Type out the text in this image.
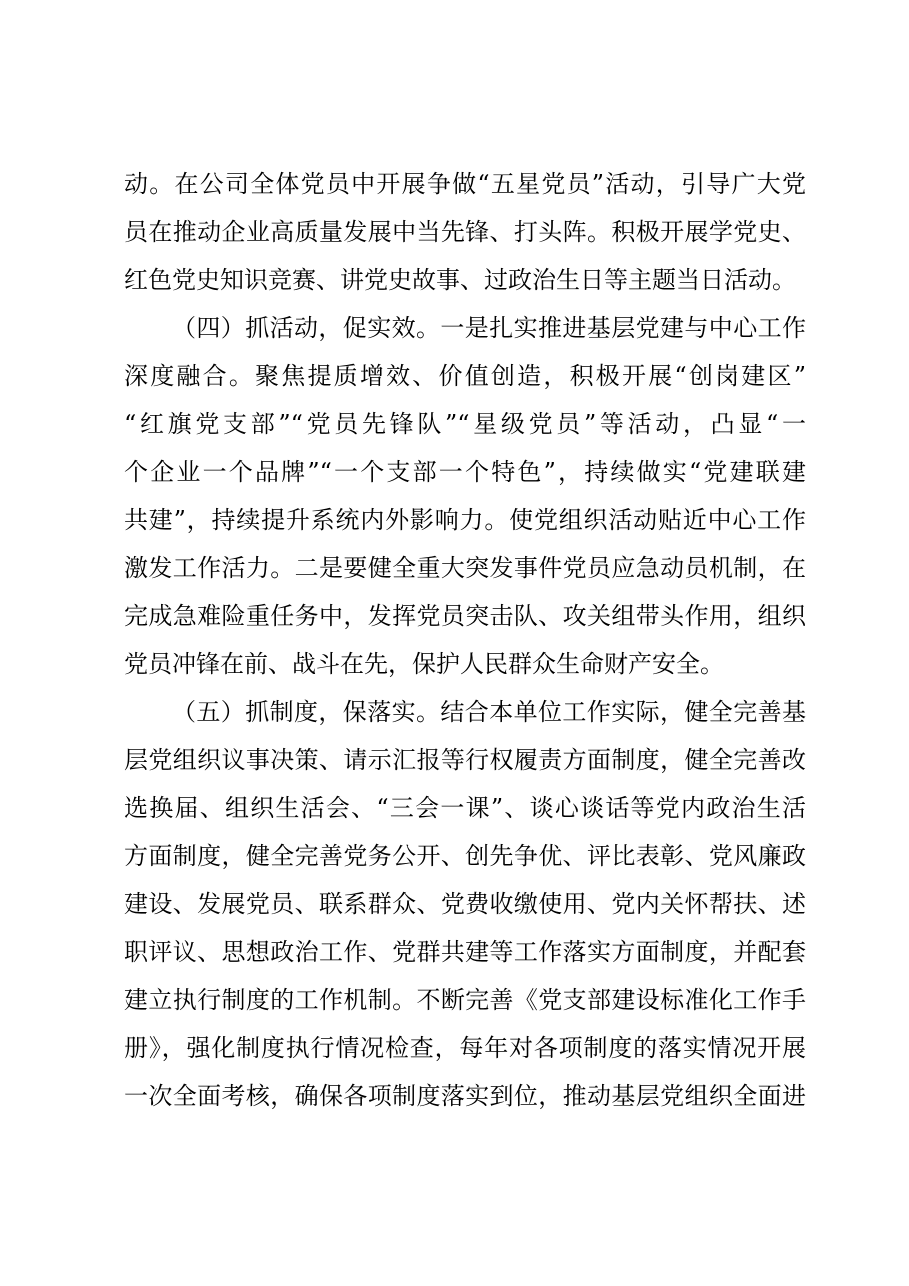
动。在公司全体党员中开展争做“五星党员”活动，引导广大党
员在推动企业高质量发展中当先锋、打头阵。积极开展学党史、
红色党史知识竞赛、讲党史故事、过政治生日等主题当日活动。
（四）抓活动，促实效。一是扎实推进基层党建与中心工作
深度融合。聚焦提质增效、价值创造，积极开展“创岗建区”
“红旗党支部”“党员先锋队”“星级党员”等活动，凸显“一
个企业一个品牌”“一个支部一个特色”，持续做实“党建联建
共建”，持续提升系统内外影响力。使党组织活动贴近中心工作
激发工作活力。二是要健全重大突发事件党员应急动员机制，在
完成急难险重任务中，发挥党员突击队、攻关组带头作用，组织
党员冲锋在前、战斗在先，保护人民群众生命财产安全。
（五）抓制度，保落实。结合本单位工作实际，健全完善基
层党组织议事决策、请示汇报等行权履责方面制度，健全完善改
选换届、组织生活会、“三会一课”、谈心谈话等党内政治生活
方面制度，健全完善党务公开、创先争优、评比表彰、党风廉政
建设、发展党员、联系群众、党费收缴使用、党内关怀帮扶、述
职评议、思想政治工作、党群共建等工作落实方面制度，并配套
建立执行制度的工作机制。不断完善《党支部建设标准化工作手
册》，强化制度执行情况检查，每年对各项制度的落实情况开展
一次全面考核，确保各项制度落实到位，推动基层党组织全面进
